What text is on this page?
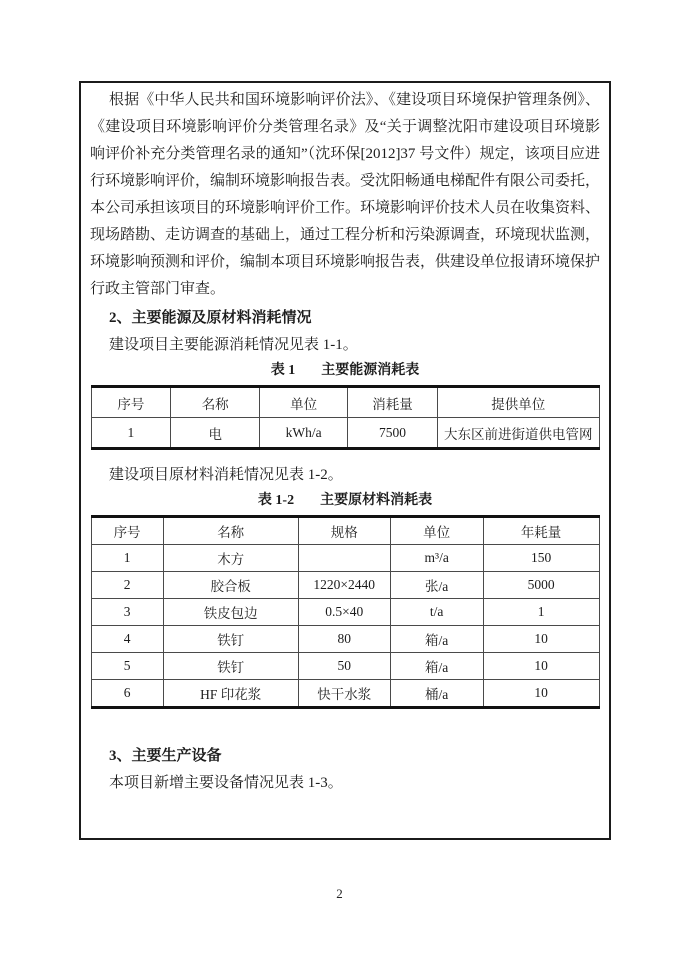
根据《中华人民共和国环境影响评价法》、《建设项目环境保护管理条例》、《建设项目环境影响评价分类管理名录》及“关于调整沈阳市建设项目环境影响评价补充分类管理名录的通知”（沈环保[2012]37 号文件）规定，该项目应进行环境影响评价，编制环境影响报告表。受沈阳畅通电梯配件有限公司委托，本公司承担该项目的环境影响评价工作。环境影响评价技术人员在收集资料、现场踏勘、走访调查的基础上，通过工程分析和污染源调查，环境现状监测，环境影响预测和评价，编制本项目环境影响报告表，供建设单位报请环境保护行政主管部门审查。

2、主要能源及原材料消耗情况

建设项目主要能源消耗情况见表 1-1。

表 1 主要能源消耗表

序号	名称	单位	消耗量	提供单位
1	电	kWh/a	7500	大东区前进街道供电管网

建设项目原材料消耗情况见表 1-2。

表 1-2 主要原材料消耗表

序号	名称	规格	单位	年耗量
1	木方		m³/a	150
2	胶合板	1220×2440	张/a	5000
3	铁皮包边	0.5×40	t/a	1
4	铁钉	80	箱/a	10
5	铁钉	50	箱/a	10
6	HF 印花浆	快干水浆	桶/a	10

3、主要生产设备

本项目新增主要设备情况见表 1-3。

2
